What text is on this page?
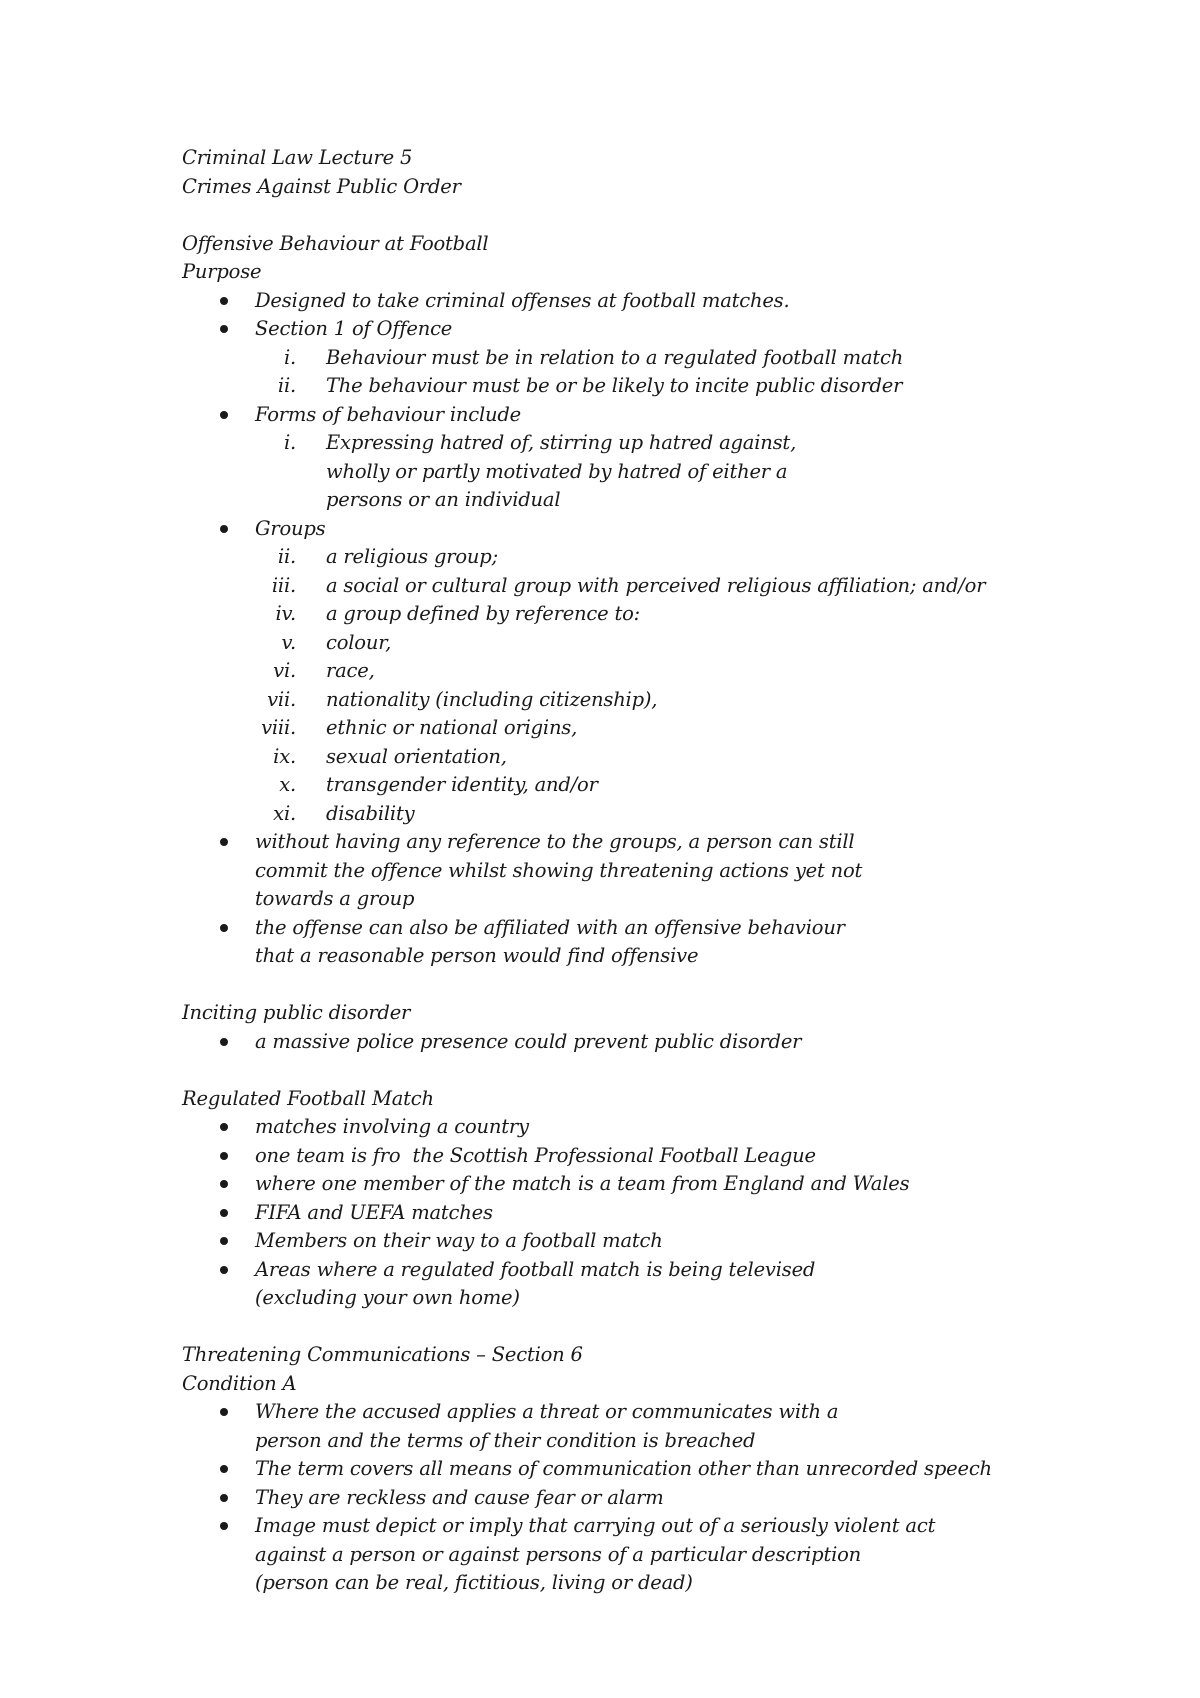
Criminal Law Lecture 5

Crimes Against Public Order

Offensive Behaviour at Football

Purpose

Designed to take criminal offenses at football matches.
Section 1 of Offence
i. Behaviour must be in relation to a regulated football match
ii. The behaviour must be or be likely to incite public disorder
Forms of behaviour include
i. Expressing hatred of, stirring up hatred against, wholly or partly motivated by hatred of either a persons or an individual
Groups
ii. a religious group;
iii. a social or cultural group with perceived religious affiliation; and/or
iv. a group defined by reference to:
v. colour,
vi. race,
vii. nationality (including citizenship),
viii. ethnic or national origins,
ix. sexual orientation,
x. transgender identity, and/or
xi. disability
without having any reference to the groups, a person can still commit the offence whilst showing threatening actions yet not towards a group
the offense can also be affiliated with an offensive behaviour that a reasonable person would find offensive

Inciting public disorder

a massive police presence could prevent public disorder

Regulated Football Match

matches involving a country
one team is fro  the Scottish Professional Football League
where one member of the match is a team from England and Wales
FIFA and UEFA matches
Members on their way to a football match
Areas where a regulated football match is being televised (excluding your own home)

Threatening Communications – Section 6

Condition A

Where the accused applies a threat or communicates with a person and the terms of their condition is breached
The term covers all means of communication other than unrecorded speech
They are reckless and cause fear or alarm
Image must depict or imply that carrying out of a seriously violent act against a person or against persons of a particular description (person can be real, fictitious, living or dead)
